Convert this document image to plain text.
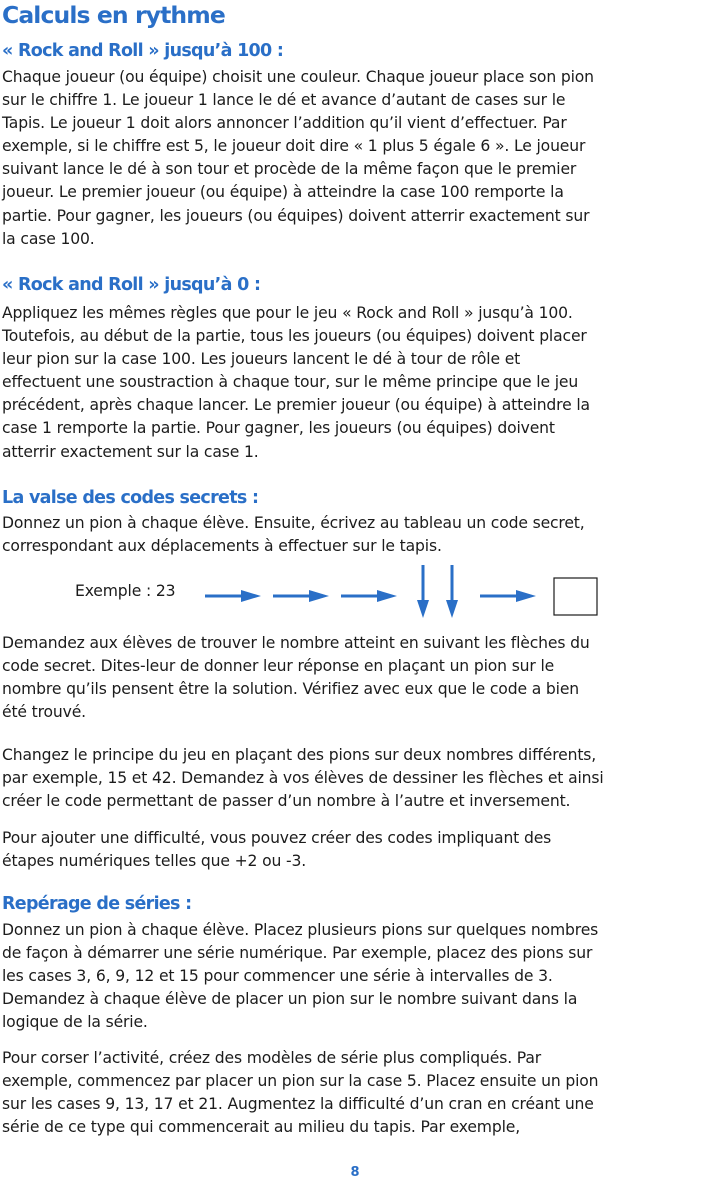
Calculs en rythme
« Rock and Roll » jusqu’à 100 :
Chaque joueur (ou équipe) choisit une couleur. Chaque joueur place son pion
sur le chiffre 1. Le joueur 1 lance le dé et avance d’autant de cases sur le
Tapis. Le joueur 1 doit alors annoncer l’addition qu’il vient d’effectuer. Par
exemple, si le chiffre est 5, le joueur doit dire « 1 plus 5 égale 6 ». Le joueur
suivant lance le dé à son tour et procède de la même façon que le premier
joueur. Le premier joueur (ou équipe) à atteindre la case 100 remporte la
partie. Pour gagner, les joueurs (ou équipes) doivent atterrir exactement sur
la case 100.
« Rock and Roll » jusqu’à 0 :
Appliquez les mêmes règles que pour le jeu « Rock and Roll » jusqu’à 100.
Toutefois, au début de la partie, tous les joueurs (ou équipes) doivent placer
leur pion sur la case 100. Les joueurs lancent le dé à tour de rôle et
effectuent une soustraction à chaque tour, sur le même principe que le jeu
précédent, après chaque lancer. Le premier joueur (ou équipe) à atteindre la
case 1 remporte la partie. Pour gagner, les joueurs (ou équipes) doivent
atterrir exactement sur la case 1.
La valse des codes secrets :
Donnez un pion à chaque élève. Ensuite, écrivez au tableau un code secret,
correspondant aux déplacements à effectuer sur le tapis.
Exemple : 23
Demandez aux élèves de trouver le nombre atteint en suivant les flèches du
code secret. Dites-leur de donner leur réponse en plaçant un pion sur le
nombre qu’ils pensent être la solution. Vérifiez avec eux que le code a bien
été trouvé.
Changez le principe du jeu en plaçant des pions sur deux nombres différents,
par exemple, 15 et 42. Demandez à vos élèves de dessiner les flèches et ainsi
créer le code permettant de passer d’un nombre à l’autre et inversement.
Pour ajouter une difficulté, vous pouvez créer des codes impliquant des
étapes numériques telles que +2 ou -3.
Repérage de séries :
Donnez un pion à chaque élève. Placez plusieurs pions sur quelques nombres
de façon à démarrer une série numérique. Par exemple, placez des pions sur
les cases 3, 6, 9, 12 et 15 pour commencer une série à intervalles de 3.
Demandez à chaque élève de placer un pion sur le nombre suivant dans la
logique de la série.
Pour corser l’activité, créez des modèles de série plus compliqués. Par
exemple, commencez par placer un pion sur la case 5. Placez ensuite un pion
sur les cases 9, 13, 17 et 21. Augmentez la difficulté d’un cran en créant une
série de ce type qui commencerait au milieu du tapis. Par exemple,
8
